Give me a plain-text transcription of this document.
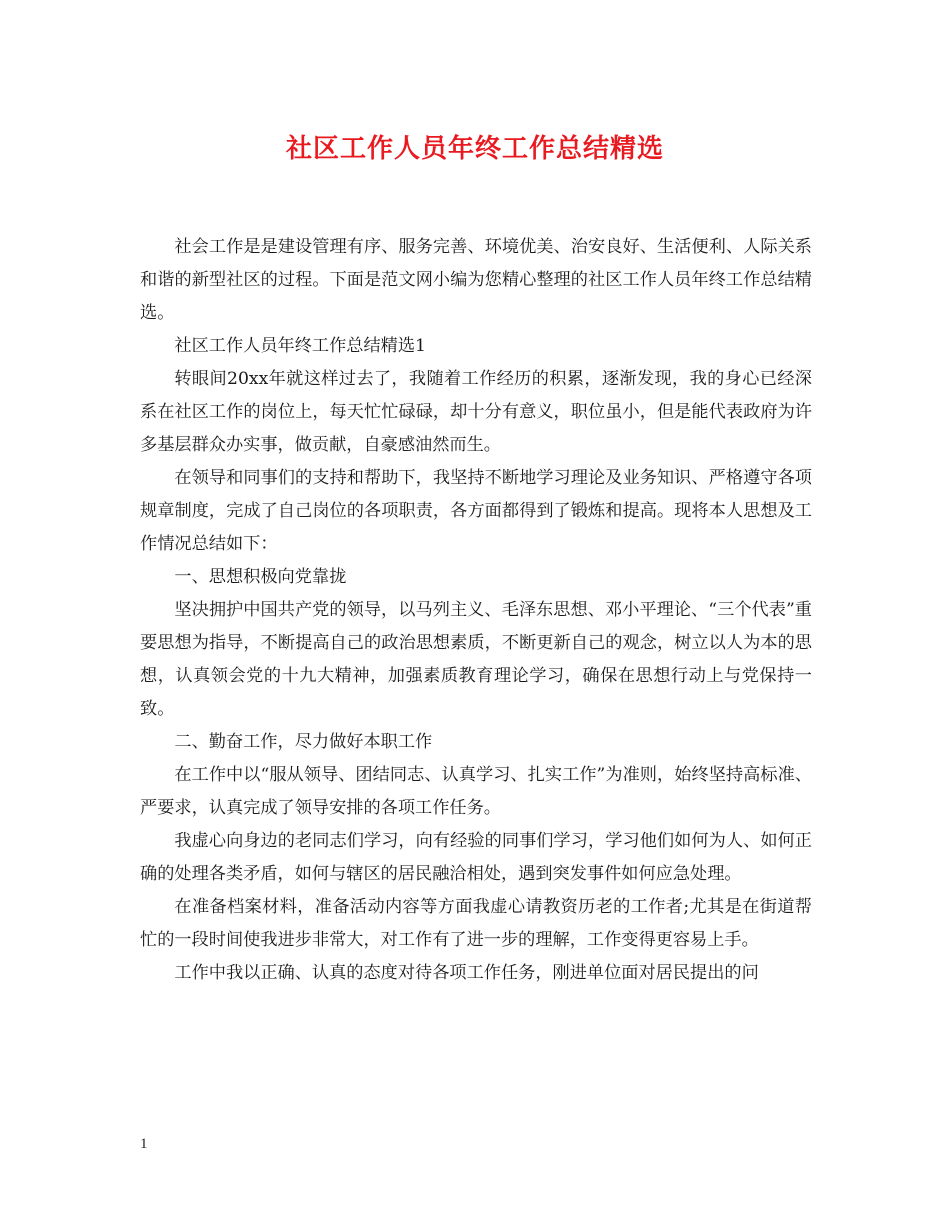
社区工作人员年终工作总结精选

社会工作是是建设管理有序、服务完善、环境优美、治安良好、生活便利、人际关系和谐的新型社区的过程。下面是范文网小编为您精心整理的社区工作人员年终工作总结精选。

社区工作人员年终工作总结精选1

转眼间20xx年就这样过去了，我随着工作经历的积累，逐渐发现，我的身心已经深系在社区工作的岗位上，每天忙忙碌碌，却十分有意义，职位虽小，但是能代表政府为许多基层群众办实事，做贡献，自豪感油然而生。

在领导和同事们的支持和帮助下，我坚持不断地学习理论及业务知识、严格遵守各项规章制度，完成了自己岗位的各项职责，各方面都得到了锻炼和提高。现将本人思想及工作情况总结如下：

一、思想积极向党靠拢

坚决拥护中国共产党的领导，以马列主义、毛泽东思想、邓小平理论、“三个代表”重要思想为指导，不断提高自己的政治思想素质，不断更新自己的观念，树立以人为本的思想，认真领会党的十九大精神，加强素质教育理论学习，确保在思想行动上与党保持一致。

二、勤奋工作，尽力做好本职工作

在工作中以“服从领导、团结同志、认真学习、扎实工作”为准则，始终坚持高标准、严要求，认真完成了领导安排的各项工作任务。

我虚心向身边的老同志们学习，向有经验的同事们学习，学习他们如何为人、如何正确的处理各类矛盾，如何与辖区的居民融洽相处，遇到突发事件如何应急处理。

在准备档案材料，准备活动内容等方面我虚心请教资历老的工作者;尤其是在街道帮忙的一段时间使我进步非常大，对工作有了进一步的理解，工作变得更容易上手。

工作中我以正确、认真的态度对待各项工作任务，刚进单位面对居民提出的问

1
